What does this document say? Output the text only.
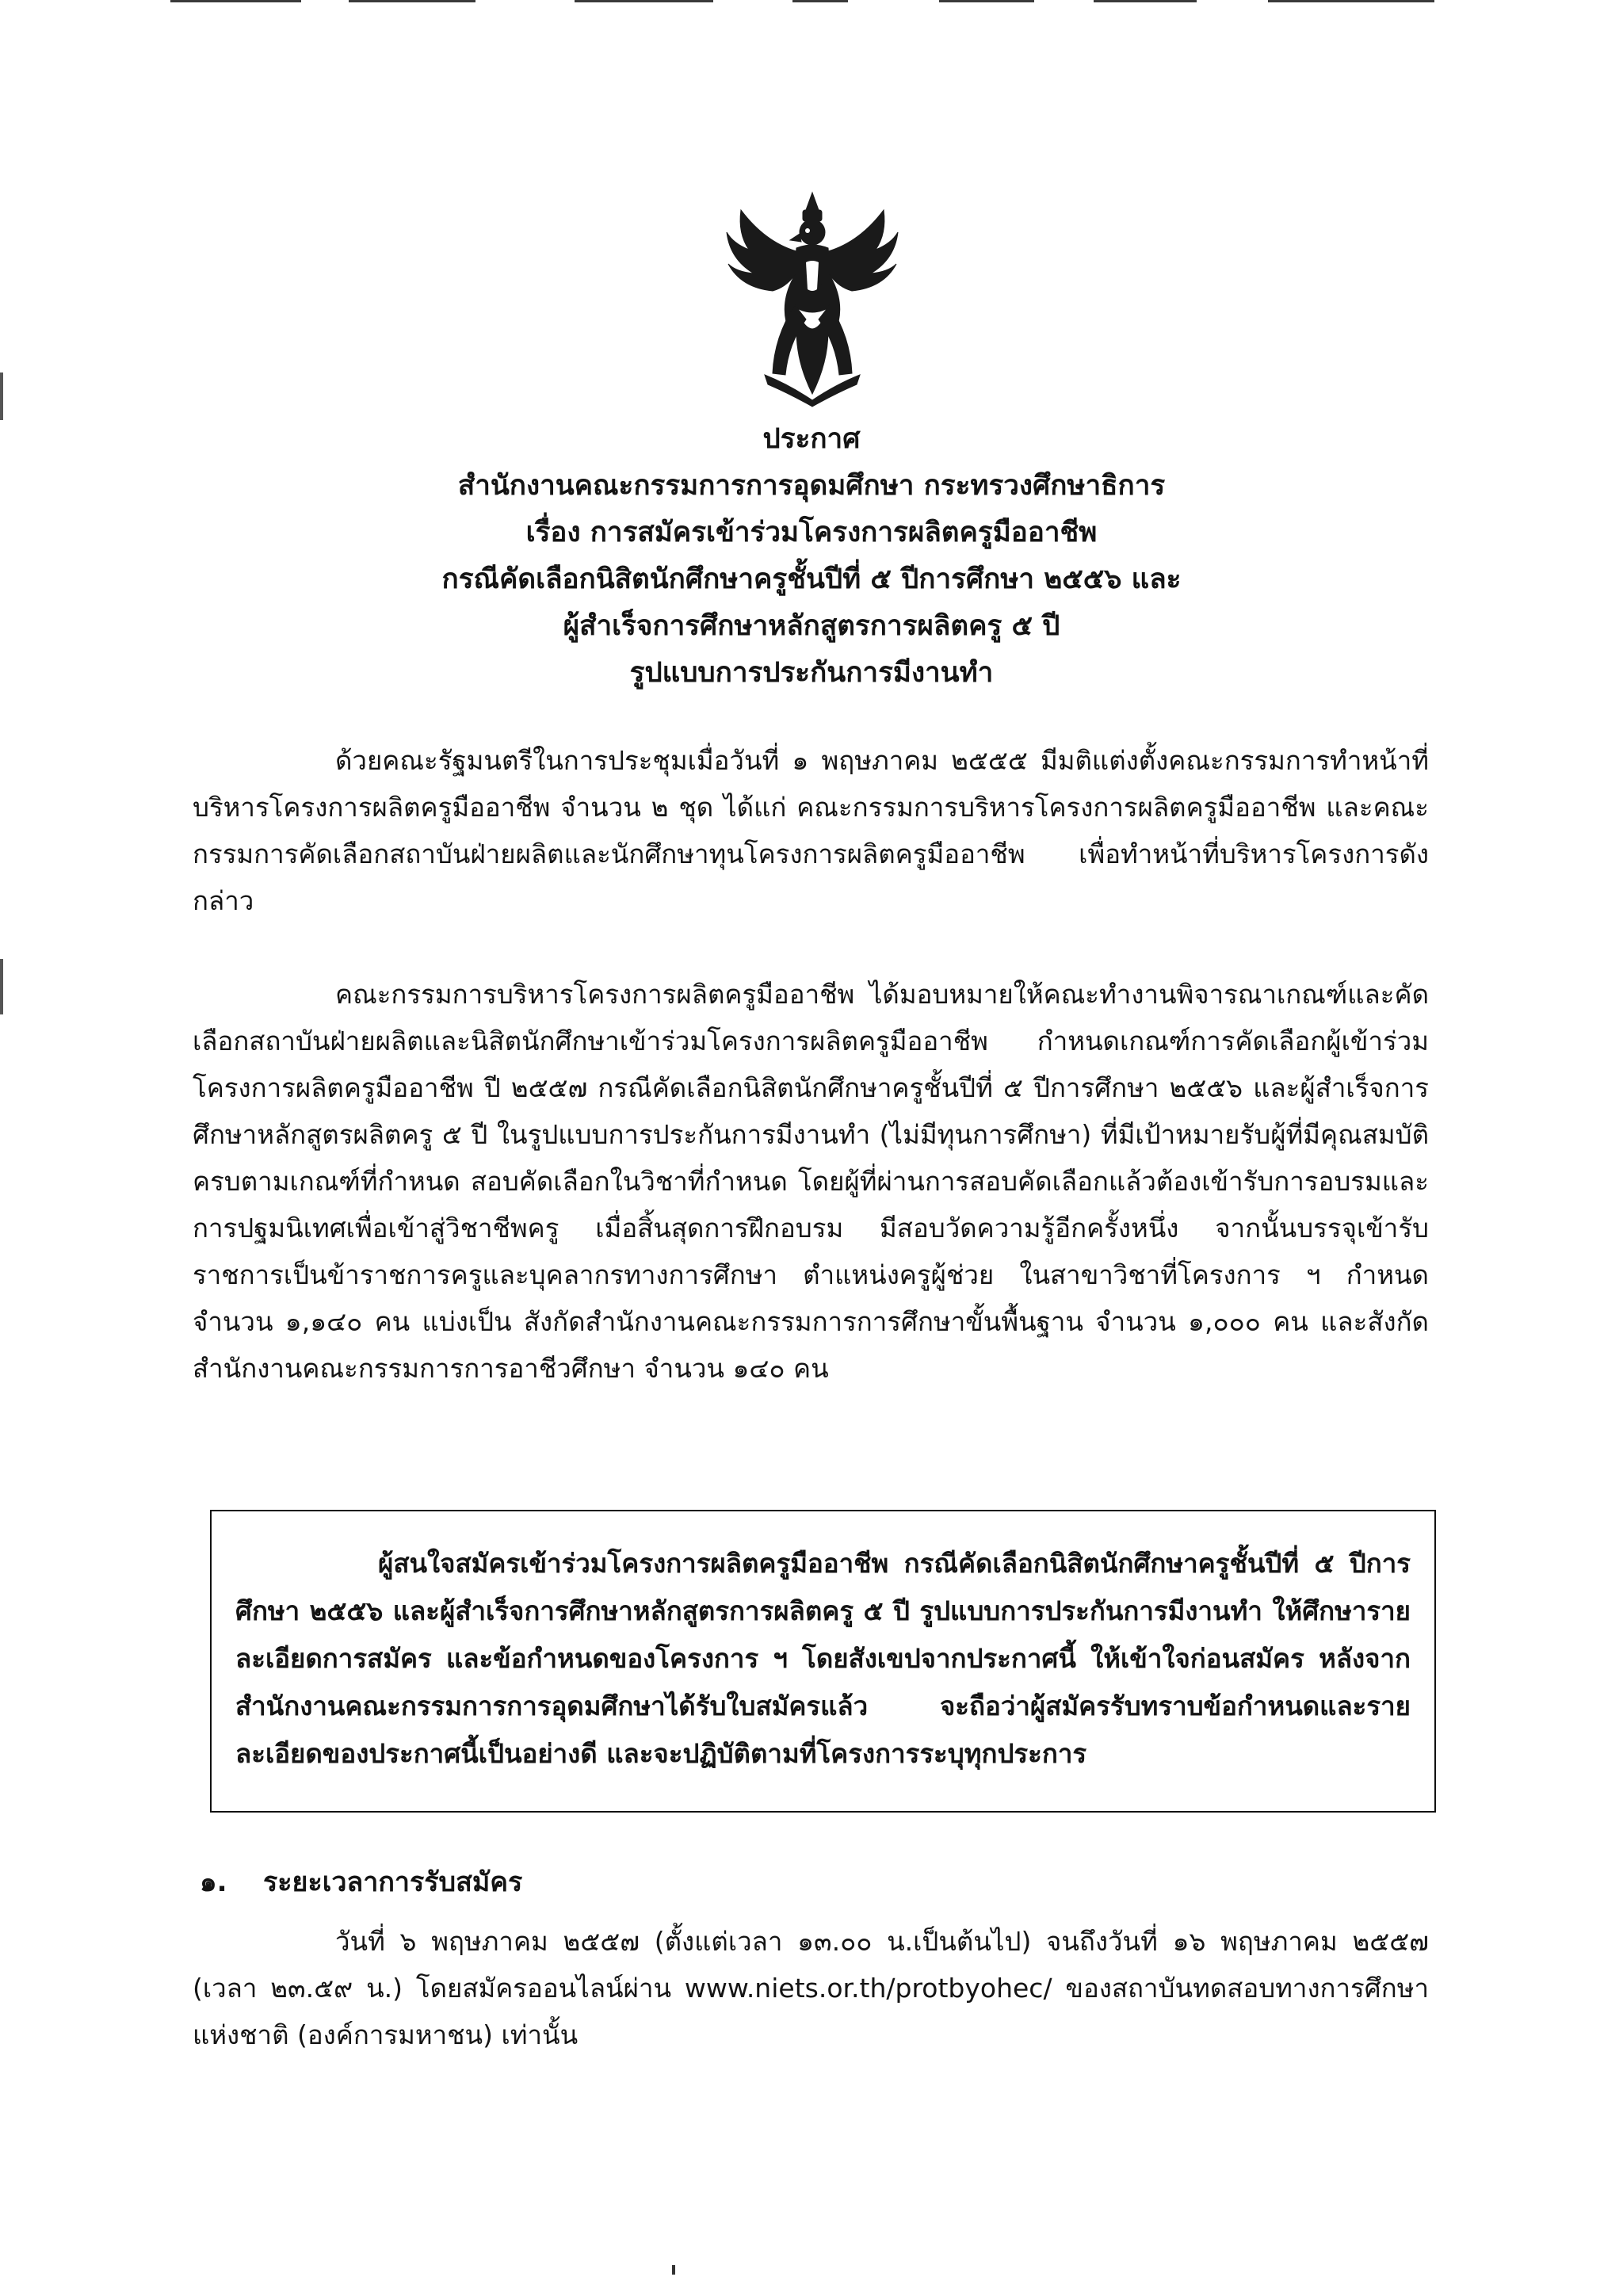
ประกาศ
สำนักงานคณะกรรมการการอุดมศึกษา กระทรวงศึกษาธิการ
เรื่อง การสมัครเข้าร่วมโครงการผลิตครูมืออาชีพ
กรณีคัดเลือกนิสิตนักศึกษาครูชั้นปีที่ ๕ ปีการศึกษา ๒๕๕๖ และ
ผู้สำเร็จการศึกษาหลักสูตรการผลิตครู ๕ ปี
รูปแบบการประกันการมีงานทำ

ด้วยคณะรัฐมนตรีในการประชุมเมื่อวันที่ ๑ พฤษภาคม ๒๕๕๕ มีมติแต่งตั้งคณะกรรมการทำหน้าที่บริหารโครงการผลิตครูมืออาชีพ จำนวน ๒ ชุด ได้แก่ คณะกรรมการบริหารโครงการผลิตครูมืออาชีพ และคณะกรรมการคัดเลือกสถาบันฝ่ายผลิตและนักศึกษาทุนโครงการผลิตครูมืออาชีพ เพื่อทำหน้าที่บริหารโครงการดังกล่าว

คณะกรรมการบริหารโครงการผลิตครูมืออาชีพ ได้มอบหมายให้คณะทำงานพิจารณาเกณฑ์และคัดเลือกสถาบันฝ่ายผลิตและนิสิตนักศึกษาเข้าร่วมโครงการผลิตครูมืออาชีพ กำหนดเกณฑ์การคัดเลือกผู้เข้าร่วมโครงการผลิตครูมืออาชีพ ปี ๒๕๕๗ กรณีคัดเลือกนิสิตนักศึกษาครูชั้นปีที่ ๕ ปีการศึกษา ๒๕๕๖ และผู้สำเร็จการศึกษาหลักสูตรผลิตครู ๕ ปี ในรูปแบบการประกันการมีงานทำ (ไม่มีทุนการศึกษา) ที่มีเป้าหมายรับผู้ที่มีคุณสมบัติครบตามเกณฑ์ที่กำหนด สอบคัดเลือกในวิชาที่กำหนด โดยผู้ที่ผ่านการสอบคัดเลือกแล้วต้องเข้ารับการอบรมและการปฐมนิเทศเพื่อเข้าสู่วิชาชีพครู เมื่อสิ้นสุดการฝึกอบรม มีสอบวัดความรู้อีกครั้งหนึ่ง จากนั้นบรรจุเข้ารับราชการเป็นข้าราชการครูและบุคลากรทางการศึกษา ตำแหน่งครูผู้ช่วย ในสาขาวิชาที่โครงการ ฯ กำหนด จำนวน ๑,๑๔๐ คน แบ่งเป็น สังกัดสำนักงานคณะกรรมการการศึกษาขั้นพื้นฐาน จำนวน ๑,๐๐๐ คน และสังกัดสำนักงานคณะกรรมการการอาชีวศึกษา จำนวน ๑๔๐ คน

ผู้สนใจสมัครเข้าร่วมโครงการผลิตครูมืออาชีพ กรณีคัดเลือกนิสิตนักศึกษาครูชั้นปีที่ ๕ ปีการศึกษา ๒๕๕๖ และผู้สำเร็จการศึกษาหลักสูตรการผลิตครู ๕ ปี รูปแบบการประกันการมีงานทำ ให้ศึกษารายละเอียดการสมัคร และข้อกำหนดของโครงการ ฯ โดยสังเขปจากประกาศนี้ ให้เข้าใจก่อนสมัคร หลังจากสำนักงานคณะกรรมการการอุดมศึกษาได้รับใบสมัครแล้ว จะถือว่าผู้สมัครรับทราบข้อกำหนดและรายละเอียดของประกาศนี้เป็นอย่างดี และจะปฏิบัติตามที่โครงการระบุทุกประการ

๑. ระยะเวลาการรับสมัคร

วันที่ ๖ พฤษภาคม ๒๕๕๗ (ตั้งแต่เวลา ๑๓.๐๐ น.เป็นต้นไป) จนถึงวันที่ ๑๖ พฤษภาคม ๒๕๕๗ (เวลา ๒๓.๕๙ น.) โดยสมัครออนไลน์ผ่าน www.niets.or.th/protbyohec/ ของสถาบันทดสอบทางการศึกษาแห่งชาติ (องค์การมหาชน) เท่านั้น
